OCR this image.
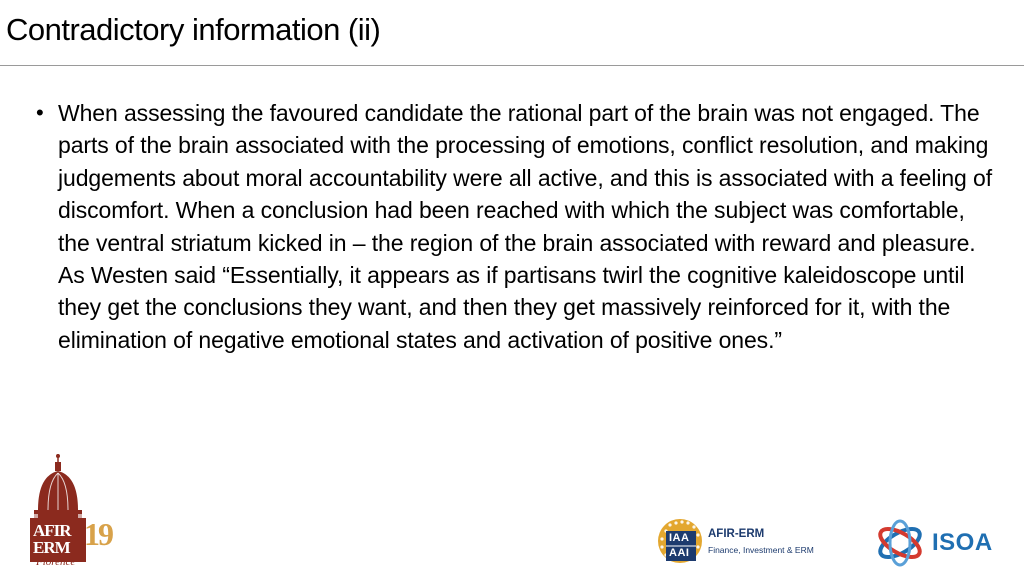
Contradictory information (ii)
• When assessing the favoured candidate the rational part of the brain was not engaged. The parts of the brain associated with the processing of emotions, conflict resolution, and making judgements about moral accountability were all active, and this is associated with a feeling of discomfort. When a conclusion had been reached with which the subject was comfortable, the ventral striatum kicked in – the region of the brain associated with reward and pleasure. As Westen said “Essentially, it appears as if partisans twirl the cognitive kaleidoscope until they get the conclusions they want, and then they get massively reinforced for it, with the elimination of negative emotional states and activation of positive ones.”
AFIR
ERM 19
Florence
IAA
AAI
AFIR-ERM
Finance, Investment & ERM	ISOA
